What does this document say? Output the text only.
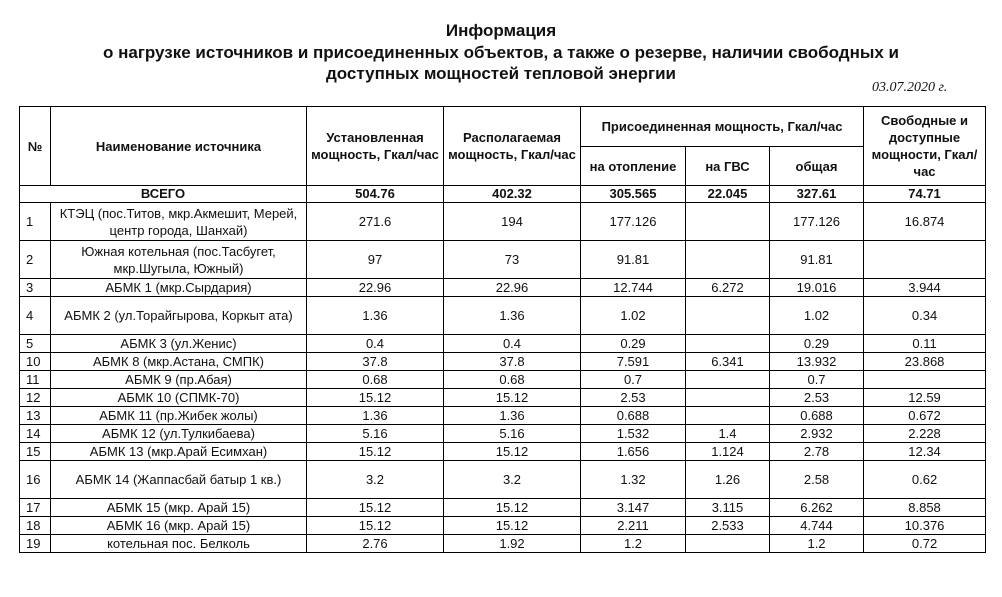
Информация
о нагрузке источников и присоединенных объектов, а также о резерве, наличии свободных и
доступных мощностей тепловой энергии
03.07.2020 г.
№	Наименование источника	Установленная мощность, Гкал/час	Располагаемая мощность, Гкал/час	Присоединенная мощность, Гкал/час			Свободные и доступные мощности, Гкал/час
				на отопление	на ГВС	общая	
ВСЕГО		504.76	402.32	305.565	22.045	327.61	74.71
1	КТЭЦ (пос.Титов, мкр.Акмешит, Мерей, центр города, Шанхай)	271.6	194	177.126		177.126	16.874
2	Южная котельная (пос.Тасбугет, мкр.Шугыла, Южный)	97	73	91.81		91.81	
3	АБМК 1 (мкр.Сырдария)	22.96	22.96	12.744	6.272	19.016	3.944
4	АБМК 2 (ул.Торайгырова, Коркыт ата)	1.36	1.36	1.02		1.02	0.34
5	АБМК 3 (ул.Женис)	0.4	0.4	0.29		0.29	0.11
10	АБМК 8 (мкр.Астана, СМПК)	37.8	37.8	7.591	6.341	13.932	23.868
11	АБМК 9 (пр.Абая)	0.68	0.68	0.7		0.7	
12	АБМК 10 (СПМК-70)	15.12	15.12	2.53		2.53	12.59
13	АБМК 11 (пр.Жибек жолы)	1.36	1.36	0.688		0.688	0.672
14	АБМК 12 (ул.Тулкибаева)	5.16	5.16	1.532	1.4	2.932	2.228
15	АБМК 13 (мкр.Арай Есимхан)	15.12	15.12	1.656	1.124	2.78	12.34
16	АБМК 14 (Жаппасбай батыр 1 кв.)	3.2	3.2	1.32	1.26	2.58	0.62
17	АБМК 15 (мкр. Арай 15)	15.12	15.12	3.147	3.115	6.262	8.858
18	АБМК 16 (мкр. Арай 15)	15.12	15.12	2.211	2.533	4.744	10.376
19	котельная пос. Белколь	2.76	1.92	1.2		1.2	0.72
